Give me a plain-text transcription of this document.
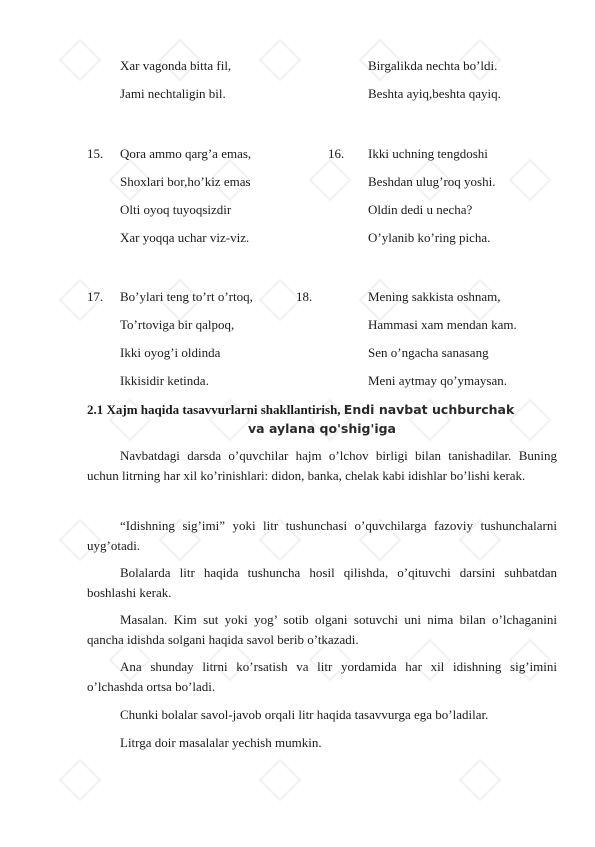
Xar vagonda bitta fil,
Jami nechtaligin bil.
Birgalikda nechta bo’ldi.
Beshta ayiq,beshta qayiq.
15. Qora ammo qarg’a emas,
Shoxlari bor,ho’kiz emas
Olti oyoq tuyoqsizdir
Xar yoqqa uchar viz-viz.
16. Ikki uchning tengdoshi
Beshdan ulug’roq yoshi.
Oldin dedi u necha?
O’ylanib ko’ring picha.
17. Bo’ylari teng to’rt o’rtoq,
To’rtoviga bir qalpoq,
Ikki oyog’i oldinda
Ikkisidir ketinda.
18.	Mening sakkista oshnam,
Hammasi xam mendan kam.
Sen o’ngacha sanasang
Meni aytmay qo’ymaysan.
2.1 Xajm haqida tasavvurlarni shakllantirish, Endi navbat uchburchak
va aylana qo'shig'iga
Navbatdagi darsda o’quvchilar hajm o’lchov birligi bilan tanishadilar. Buning uchun litrning har xil ko’rinishlari: didon, banka, chelak kabi idishlar bo’lishi kerak.
“Idishning sig’imi” yoki litr tushunchasi o’quvchilarga fazoviy tushunchalarni uyg’otadi.
Bolalarda litr haqida tushuncha hosil qilishda, o’qituvchi darsini suhbatdan boshlashi kerak.
Masalan. Kim sut yoki yog’ sotib olgani sotuvchi uni nima bilan o’lchaganini qancha idishda solgani haqida savol berib o’tkazadi.
Ana shunday litrni ko’rsatish va litr yordamida har xil idishning sig’imini o’lchashda ortsa bo’ladi.
Chunki bolalar savol-javob orqali litr haqida tasavvurga ega bo’ladilar.
Litrga doir masalalar yechish mumkin.
